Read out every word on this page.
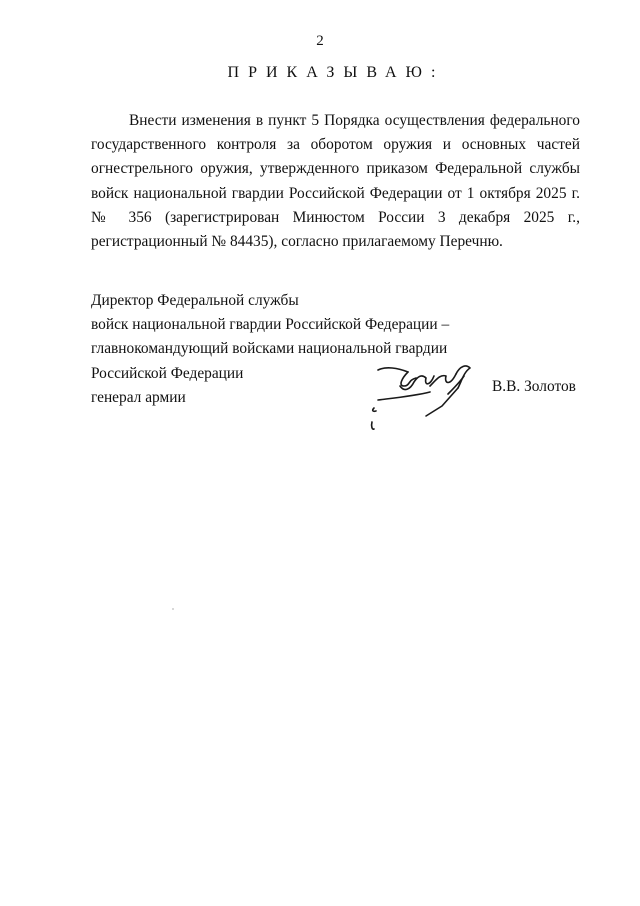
2
ПРИКАЗЫВАЮ:

Внести изменения в пункт 5 Порядка осуществления федерального государственного контроля за оборотом оружия и основных частей огнестрельного оружия, утвержденного приказом Федеральной службы войск национальной гвардии Российской Федерации от 1 октября 2025 г. № 356 (зарегистрирован Минюстом России 3 декабря 2025 г., регистрационный № 84435), согласно прилагаемому Перечню.

Директор Федеральной службы
войск национальной гвардии Российской Федерации –
главнокомандующий войсками национальной гвардии
Российской Федерации
генерал армии
В.В. Золотов
